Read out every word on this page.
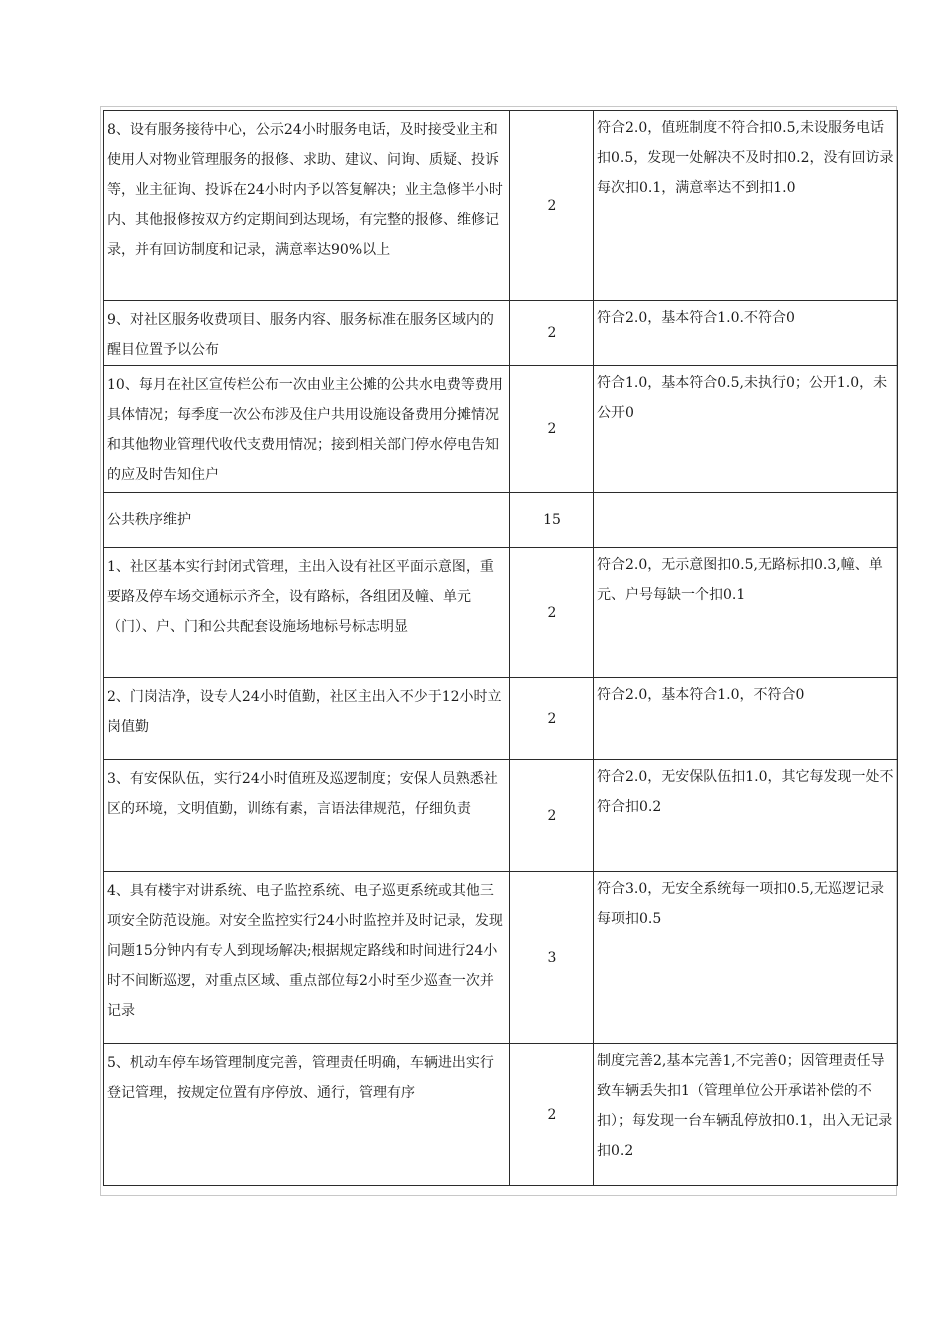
8、设有服务接待中心，公示24小时服务电话，及时接受业主和使用人对物业管理服务的报修、求助、建议、问询、质疑、投诉等，业主征询、投诉在24小时内予以答复解决；业主急修半小时内、其他报修按双方约定期间到达现场，有完整的报修、维修记录，并有回访制度和记录，满意率达90%以上	2	符合2.0，值班制度不符合扣0.5,未设服务电话扣0.5，发现一处解决不及时扣0.2，没有回访录每次扣0.1，满意率达不到扣1.0

9、对社区服务收费项目、服务内容、服务标准在服务区域内的醒目位置予以公布	2	符合2.0，基本符合1.0.不符合0

10、每月在社区宣传栏公布一次由业主公摊的公共水电费等费用具体情况；每季度一次公布涉及住户共用设施设备费用分摊情况和其他物业管理代收代支费用情况；接到相关部门停水停电告知的应及时告知住户	2	符合1.0，基本符合0.5,未执行0；公开1.0，未公开0

公共秩序维护	15	

1、社区基本实行封闭式管理，主出入设有社区平面示意图，重要路及停车场交通标示齐全，设有路标，各组团及幢、单元（门）、户、门和公共配套设施场地标号标志明显	2	符合2.0，无示意图扣0.5,无路标扣0.3,幢、单元、户号每缺一个扣0.1

2、门岗洁净，设专人24小时值勤，社区主出入不少于12小时立岗值勤	2	符合2.0，基本符合1.0，不符合0

3、有安保队伍，实行24小时值班及巡逻制度；安保人员熟悉社区的环境，文明值勤，训练有素，言语法律规范，仔细负责	2	符合2.0，无安保队伍扣1.0，其它每发现一处不符合扣0.2

4、具有楼宇对讲系统、电子监控系统、电子巡更系统或其他三项安全防范设施。对安全监控实行24小时监控并及时记录，发现问题15分钟内有专人到现场解决;根据规定路线和时间进行24小时不间断巡逻，对重点区域、重点部位每2小时至少巡查一次并记录	3	符合3.0，无安全系统每一项扣0.5,无巡逻记录每项扣0.5

5、机动车停车场管理制度完善，管理责任明确，车辆进出实行登记管理，按规定位置有序停放、通行，管理有序	2	制度完善2,基本完善1,不完善0；因管理责任导致车辆丢失扣1（管理单位公开承诺补偿的不扣）；每发现一台车辆乱停放扣0.1，出入无记录扣0.2
